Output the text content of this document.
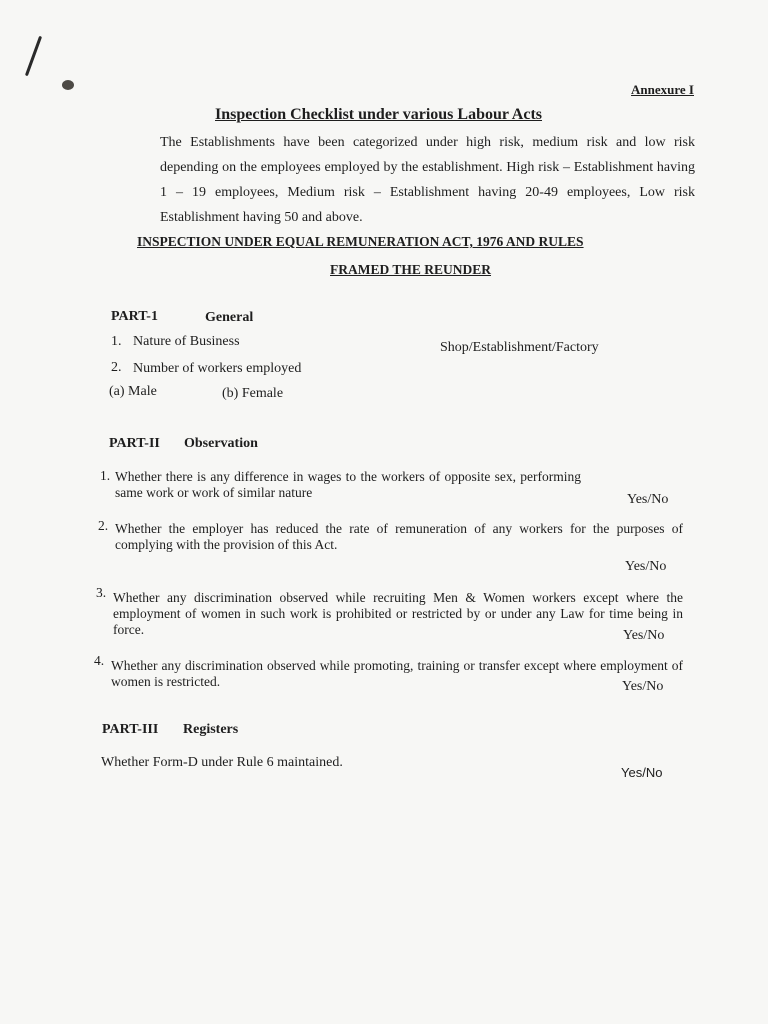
Annexure I
Inspection Checklist under various Labour Acts
The Establishments have been categorized under high risk, medium risk and low risk depending on the employees employed by the establishment. High risk – Establishment having 1 – 19 employees, Medium risk – Establishment having 20-49 employees, Low risk Establishment having 50 and above.
INSPECTION UNDER EQUAL REMUNERATION ACT, 1976 AND RULES
FRAMED THE REUNDER
PART-1	General
1. Nature of Business	Shop/Establishment/Factory
2. Number of workers employed
(a) Male	(b) Female
PART-II Observation
1. Whether there is any difference in wages to the workers of opposite sex, performing same work or work of similar nature	Yes/No
2. Whether the employer has reduced the rate of remuneration of any workers for the purposes of complying with the provision of this Act.
Yes/No
3. Whether any discrimination observed while recruiting Men & Women workers except where the employment of women in such work is prohibited or restricted by or under any Law for time being in force.	Yes/No
4. Whether any discrimination observed while promoting, training or transfer except where employment of women is restricted.	Yes/No
PART-III Registers
Whether Form-D under Rule 6 maintained.
Yes/No
